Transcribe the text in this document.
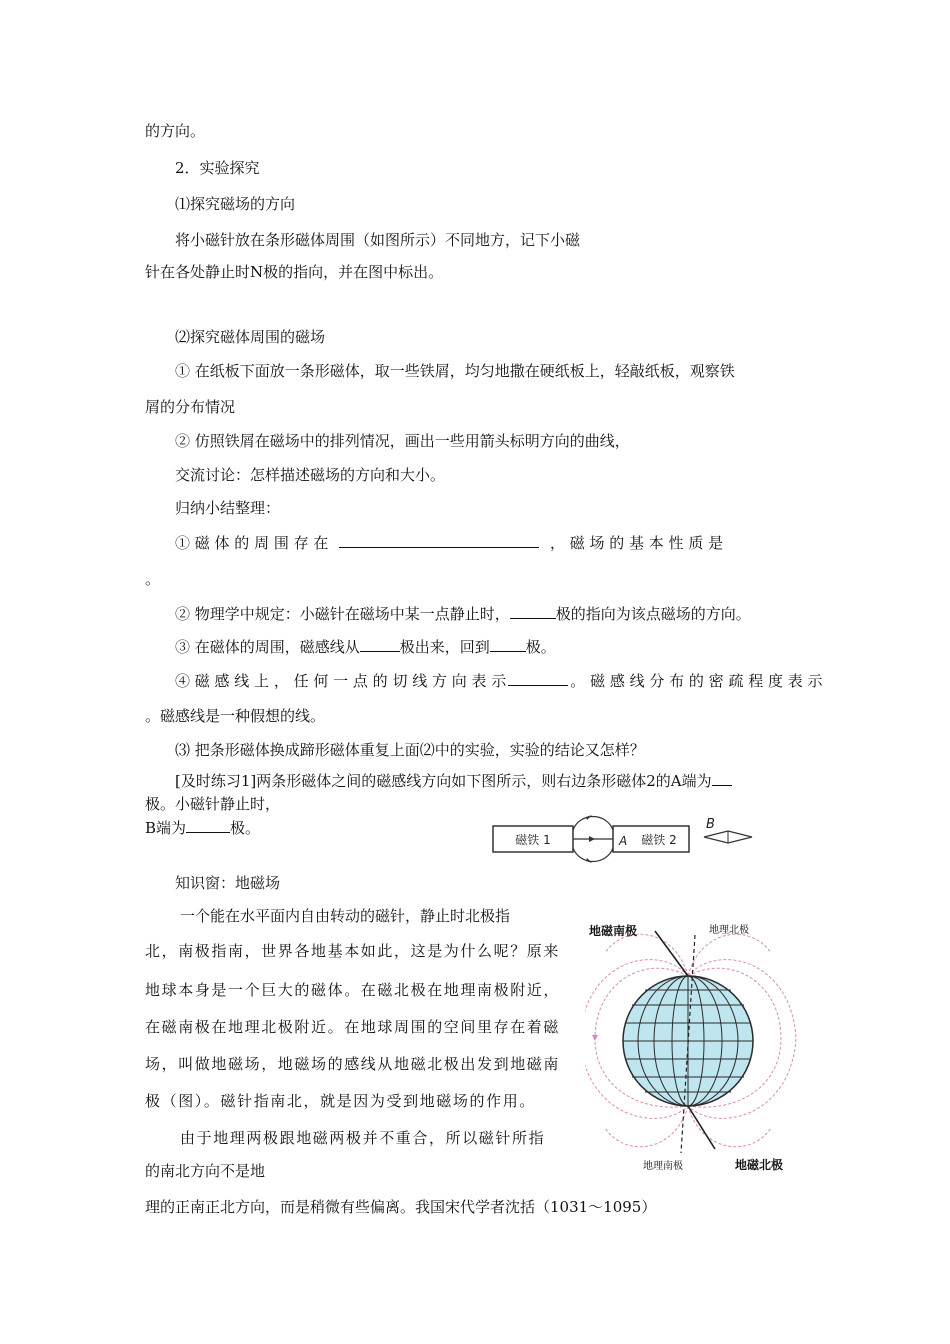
的方向。
2．实验探究
⑴探究磁场的方向
将小磁针放在条形磁体周围（如图所示）不同地方，记下小磁
针在各处静止时N极的指向，并在图中标出。
⑵探究磁体周围的磁场
① 在纸板下面放一条形磁体，取一些铁屑，均匀地撒在硬纸板上，轻敲纸板，观察铁
屑的分布情况
② 仿照铁屑在磁场中的排列情况，画出一些用箭头标明方向的曲线，
交流讨论：怎样描述磁场的方向和大小。
归纳小结整理：
① 磁 体 的 周 围 存 在	， 磁 场 的 基 本 性 质 是
。
② 物理学中规定：小磁针在磁场中某一点静止时，	极的指向为该点磁场的方向。
③ 在磁体的周围，磁感线从	极出来，回到 极。
④ 磁 感 线 上 ， 任 何 一 点 的 切 线 方 向 表 示	。 磁 感 线 分 布 的 密 疏 程 度 表 示
。磁感线是一种假想的线。
⑶ 把条形磁体换成蹄形磁体重复上面⑵中的实验，实验的结论又怎样？
[及时练习1]两条形磁体之间的磁感线方向如下图所示，则右边条形磁体2的A端为
极。小磁针静止时，
B端为	极。
磁铁 1	磁铁 2
A
B
知识窗：地磁场
一个能在水平面内自由转动的磁针，静止时北极指
北，南极指南，世界各地基本如此，这是为什么呢？原来
地球本身是一个巨大的磁体。在磁北极在地理南极附近，
在磁南极在地理北极附近。在地球周围的空间里存在着磁
场，叫做地磁场，地磁场的感线从地磁北极出发到地磁南
极（图）。磁针指南北，就是因为受到地磁场的作用。
由于地理两极跟地磁两极并不重合，所以磁针所指
的南北方向不是地
理的正南正北方向，而是稍微有些偏离。我国宋代学者沈括（1031～1095）
地磁南极	地理北极
地理南极	地磁北极
